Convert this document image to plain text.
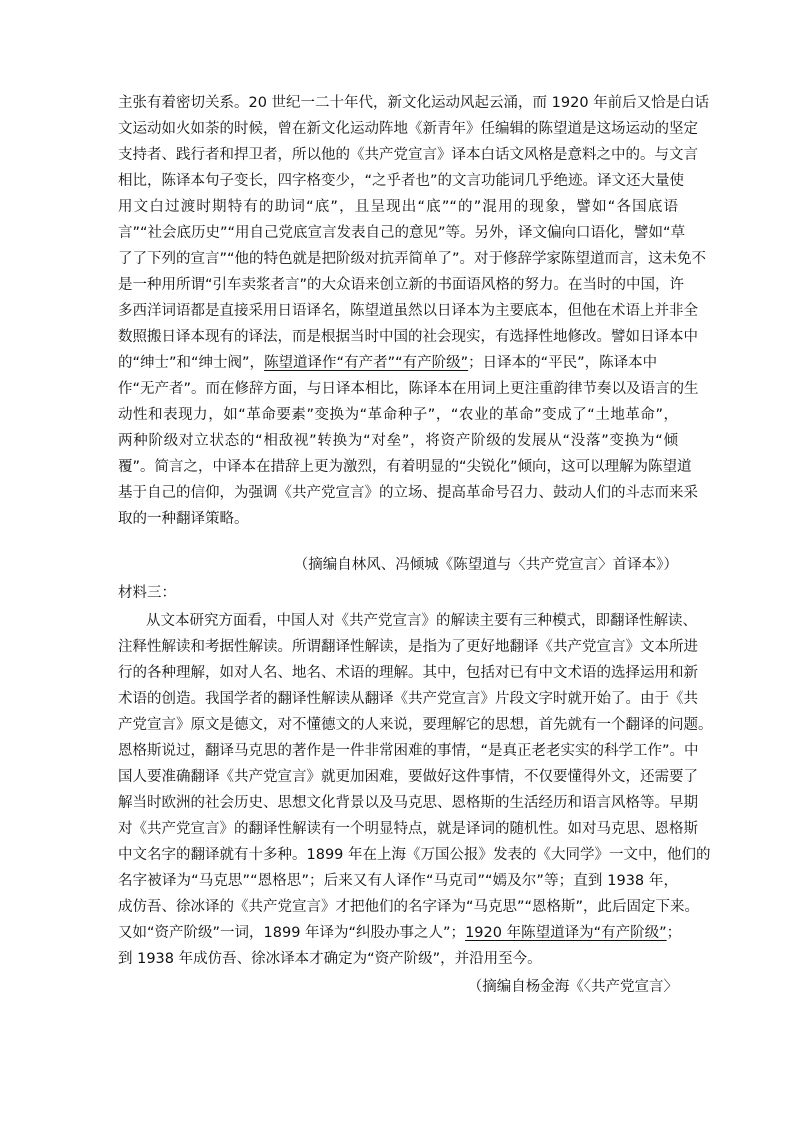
主张有着密切关系。20 世纪一二十年代，新文化运动风起云涌，而 1920 年前后又恰是白话
文运动如火如荼的时候，曾在新文化运动阵地《新青年》任编辑的陈望道是这场运动的坚定
支持者、践行者和捍卫者，所以他的《共产党宣言》译本白话文风格是意料之中的。与文言
相比，陈译本句子变长，四字格变少，“之乎者也”的文言功能词几乎绝迹。译文还大量使
用文白过渡时期特有的助词“底”，且呈现出“底”“的”混用的现象，譬如“各国底语
言”“社会底历史”“用自己党底宣言发表自己的意见”等。另外，译文偏向口语化，譬如“草
了了下列的宣言”“他的特色就是把阶级对抗弄简单了”。对于修辞学家陈望道而言，这未免不
是一种用所谓“引车卖浆者言”的大众语来创立新的书面语风格的努力。在当时的中国，许
多西洋词语都是直接采用日语译名，陈望道虽然以日译本为主要底本，但他在术语上并非全
数照搬日译本现有的译法，而是根据当时中国的社会现实，有选择性地修改。譬如日译本中
的“绅士”和“绅士阀”，陈望道译作“有产者”“有产阶级”；日译本的“平民”，陈译本中
作“无产者”。而在修辞方面，与日译本相比，陈译本在用词上更注重韵律节奏以及语言的生
动性和表现力，如“革命要素”变换为“革命种子”，“农业的革命”变成了“土地革命”，
两种阶级对立状态的“相敌视”转换为“对垒”，将资产阶级的发展从“没落”变换为“倾
覆”。简言之，中译本在措辞上更为激烈，有着明显的“尖锐化”倾向，这可以理解为陈望道
基于自己的信仰，为强调《共产党宣言》的立场、提高革命号召力、鼓动人们的斗志而来采
取的一种翻译策略。
（摘编自林风、冯倾城《陈望道与〈共产党宣言〉首译本》）
材料三：
从文本研究方面看，中国人对《共产党宣言》的解读主要有三种模式，即翻译性解读、
注释性解读和考据性解读。所谓翻译性解读，是指为了更好地翻译《共产党宣言》文本所进
行的各种理解，如对人名、地名、术语的理解。其中，包括对已有中文术语的选择运用和新
术语的创造。我国学者的翻译性解读从翻译《共产党宣言》片段文字时就开始了。由于《共
产党宣言》原文是德文，对不懂德文的人来说，要理解它的思想，首先就有一个翻译的问题。
恩格斯说过，翻译马克思的著作是一件非常困难的事情，“是真正老老实实的科学工作”。中
国人要准确翻译《共产党宣言》就更加困难，要做好这件事情，不仅要懂得外文，还需要了
解当时欧洲的社会历史、思想文化背景以及马克思、恩格斯的生活经历和语言风格等。早期
对《共产党宣言》的翻译性解读有一个明显特点，就是译词的随机性。如对马克思、恩格斯
中文名字的翻译就有十多种。1899 年在上海《万国公报》发表的《大同学》一文中，他们的
名字被译为“马克思”“恩格思”；后来又有人译作“马克司”“嫣及尔”等；直到 1938 年，
成仿吾、徐冰译的《共产党宣言》才把他们的名字译为“马克思”“恩格斯”，此后固定下来。
又如“资产阶级”一词，1899 年译为“纠股办事之人”；1920 年陈望道译为“有产阶级”；
到 1938 年成仿吾、徐冰译本才确定为“资产阶级”，并沿用至今。
（摘编自杨金海《〈共产党宣言〉
